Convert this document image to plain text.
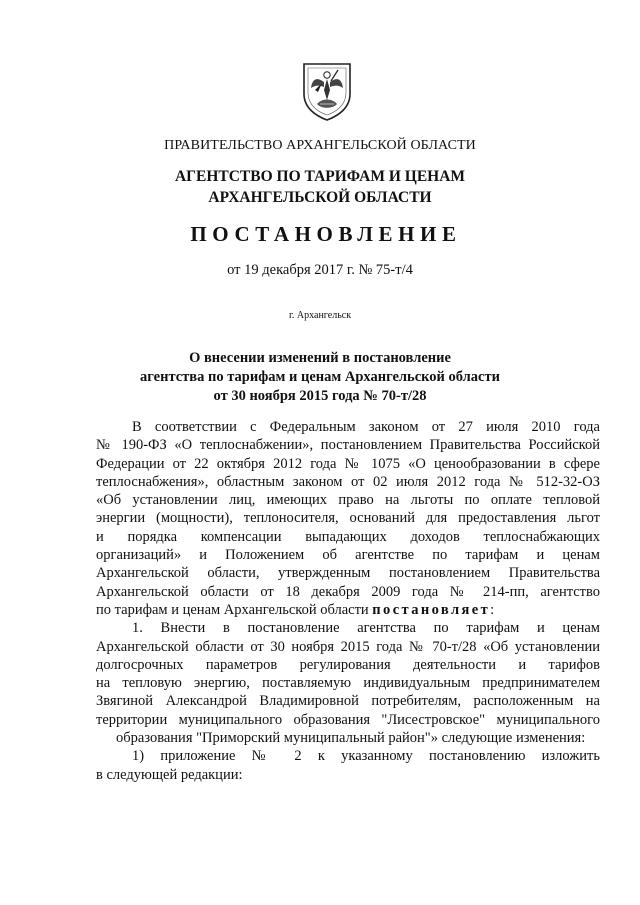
ПРАВИТЕЛЬСТВО АРХАНГЕЛЬСКОЙ ОБЛАСТИ
АГЕНТСТВО ПО ТАРИФАМ И ЦЕНАМ
АРХАНГЕЛЬСКОЙ ОБЛАСТИ
ПОСТАНОВЛЕНИЕ
от 19 декабря 2017 г. № 75-т/4
г. Архангельск
О внесении изменений в постановление
агентства по тарифам и ценам Архангельской области
от 30 ноября 2015 года № 70-т/28
В соответствии с Федеральным законом от 27 июля 2010 года
№ 190-ФЗ «О теплоснабжении», постановлением Правительства Российской
Федерации от 22 октября 2012 года № 1075 «О ценообразовании в сфере
теплоснабжения», областным законом от 02 июля 2012 года № 512-32-ОЗ
«Об установлении лиц, имеющих право на льготы по оплате тепловой
энергии (мощности), теплоносителя, оснований для предоставления льгот
и порядка компенсации выпадающих доходов теплоснабжающих
организаций» и Положением об агентстве по тарифам и ценам
Архангельской области, утвержденным постановлением Правительства
Архангельской области от 18 декабря 2009 года № 214-пп, агентство
по тарифам и ценам Архангельской области постановляет:
1. Внести в постановление агентства по тарифам и ценам
Архангельской области от 30 ноября 2015 года № 70-т/28 «Об установлении
долгосрочных параметров регулирования деятельности и тарифов
на тепловую энергию, поставляемую индивидуальным предпринимателем
Звягиной Александрой Владимировной потребителям, расположенным на
территории муниципального образования "Лисестровское" муниципального
образования "Приморский муниципальный район"» следующие изменения:
1) приложение № 2 к указанному постановлению изложить
в следующей редакции:
